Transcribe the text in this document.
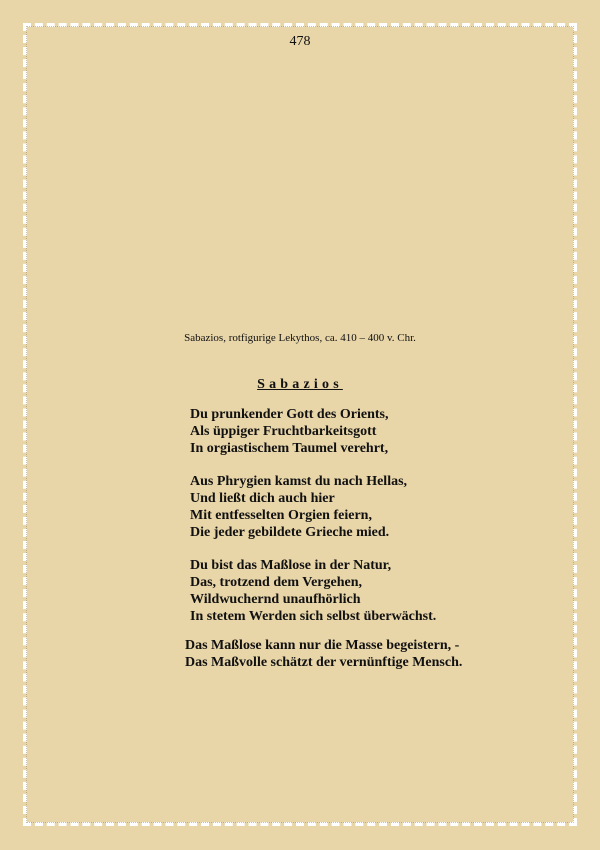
478
Sabazios, rotfigurige Lekythos, ca. 410 – 400 v. Chr.
Sabazios
Du prunkender Gott des Orients,
Als üppiger Fruchtbarkeitsgott
In orgiastischem Taumel verehrt,
Aus Phrygien kamst du nach Hellas,
Und ließt dich auch hier
Mit entfesselten Orgien feiern,
Die jeder gebildete Grieche mied.
Du bist das Maßlose in der Natur,
Das, trotzend dem Vergehen,
Wildwuchernd unaufhörlich
In stetem Werden sich selbst überwächst.
Das Maßlose kann nur die Masse begeistern, -
Das Maßvolle schätzt der vernünftige Mensch.
